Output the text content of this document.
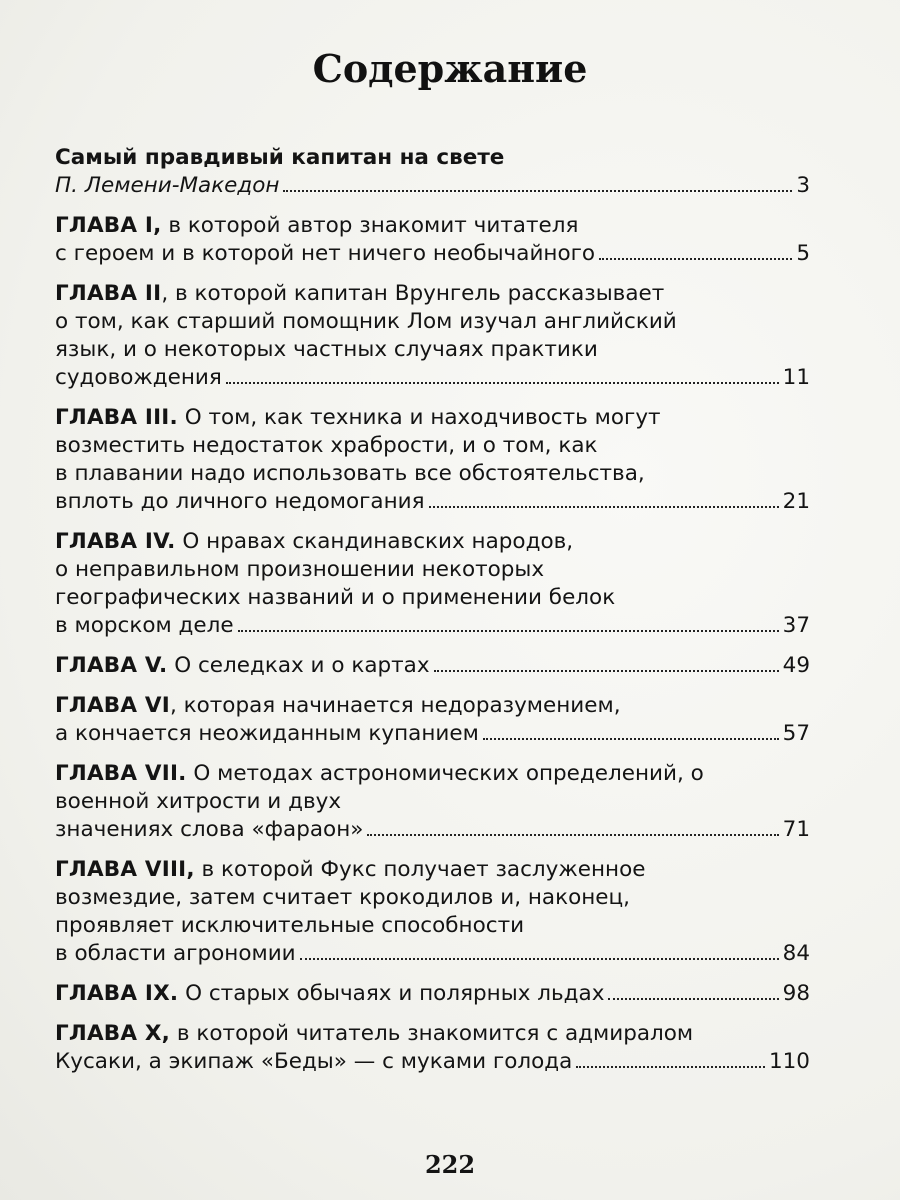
Содержание
Самый правдивый капитан на свете
П. Лемени-Македон	3
ГЛАВА I, в которой автор знакомит читателя
с героем и в которой нет ничего необычайного	5
ГЛАВА II, в которой капитан Врунгель рассказывает
о том, как старший помощник Лом изучал английский
язык, и о некоторых частных случаях практики
судовождения	11
ГЛАВА III. О том, как техника и находчивость могут
возместить недостаток храбрости, и о том, как
в плавании надо использовать все обстоятельства,
вплоть до личного недомогания	21
ГЛАВА IV. О нравах скандинавских народов,
о неправильном произношении некоторых
географических названий и о применении белок
в морском деле	37
ГЛАВА V. О селедках и о картах	49
ГЛАВА VI, которая начинается недоразумением,
а кончается неожиданным купанием	57
ГЛАВА VII. О методах астрономических определений, о
военной хитрости и двух
значениях слова «фараон»	71
ГЛАВА VIII, в которой Фукс получает заслуженное
возмездие, затем считает крокодилов и, наконец,
проявляет исключительные способности
в области агрономии	84
ГЛАВА IX. О старых обычаях и полярных льдах	98
ГЛАВА X, в которой читатель знакомится с адмиралом
Кусаки, а экипаж «Беды» — с муками голода	110
222
